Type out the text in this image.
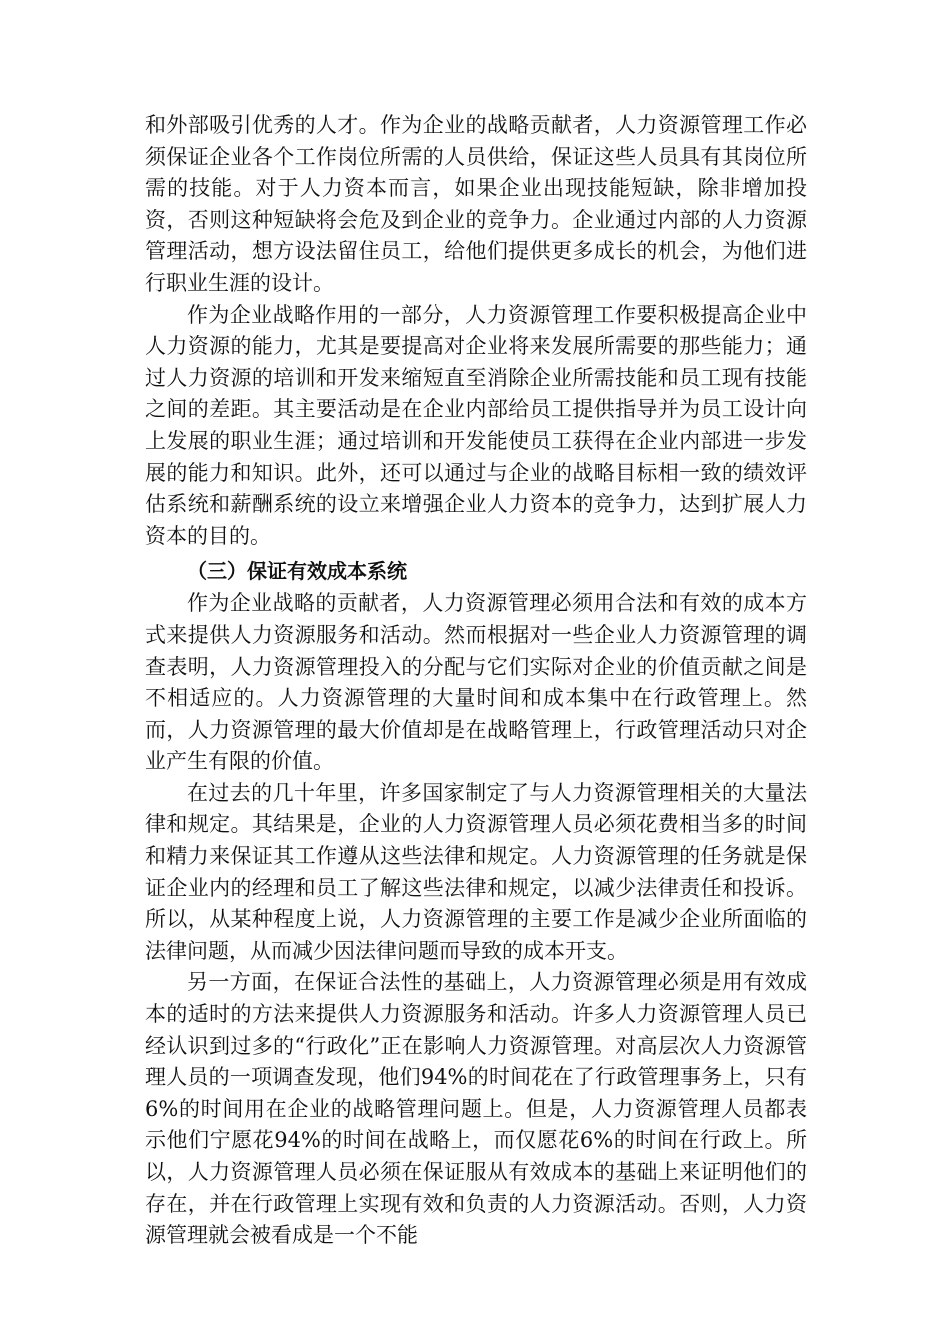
和外部吸引优秀的人才。作为企业的战略贡献者，人力资源管理工作必须保证企业各个工作岗位所需的人员供给，保证这些人员具有其岗位所需的技能。对于人力资本而言，如果企业出现技能短缺，除非增加投资，否则这种短缺将会危及到企业的竞争力。企业通过内部的人力资源管理活动，想方设法留住员工，给他们提供更多成长的机会，为他们进行职业生涯的设计。

作为企业战略作用的一部分，人力资源管理工作要积极提高企业中人力资源的能力，尤其是要提高对企业将来发展所需要的那些能力；通过人力资源的培训和开发来缩短直至消除企业所需技能和员工现有技能之间的差距。其主要活动是在企业内部给员工提供指导并为员工设计向上发展的职业生涯；通过培训和开发能使员工获得在企业内部进一步发展的能力和知识。此外，还可以通过与企业的战略目标相一致的绩效评估系统和薪酬系统的设立来增强企业人力资本的竞争力，达到扩展人力资本的目的。

（三）保证有效成本系统

作为企业战略的贡献者，人力资源管理必须用合法和有效的成本方式来提供人力资源服务和活动。然而根据对一些企业人力资源管理的调查表明，人力资源管理投入的分配与它们实际对企业的价值贡献之间是不相适应的。人力资源管理的大量时间和成本集中在行政管理上。然而，人力资源管理的最大价值却是在战略管理上，行政管理活动只对企业产生有限的价值。

在过去的几十年里，许多国家制定了与人力资源管理相关的大量法律和规定。其结果是，企业的人力资源管理人员必须花费相当多的时间和精力来保证其工作遵从这些法律和规定。人力资源管理的任务就是保证企业内的经理和员工了解这些法律和规定，以减少法律责任和投诉。所以，从某种程度上说，人力资源管理的主要工作是减少企业所面临的法律问题，从而减少因法律问题而导致的成本开支。

另一方面，在保证合法性的基础上，人力资源管理必须是用有效成本的适时的方法来提供人力资源服务和活动。许多人力资源管理人员已经认识到过多的“行政化”正在影响人力资源管理。对高层次人力资源管理人员的一项调查发现，他们94%的时间花在了行政管理事务上，只有6%的时间用在企业的战略管理问题上。但是，人力资源管理人员都表示他们宁愿花94%的时间在战略上，而仅愿花6%的时间在行政上。所以，人力资源管理人员必须在保证服从有效成本的基础上来证明他们的存在，并在行政管理上实现有效和负责的人力资源活动。否则，人力资源管理就会被看成是一个不能
